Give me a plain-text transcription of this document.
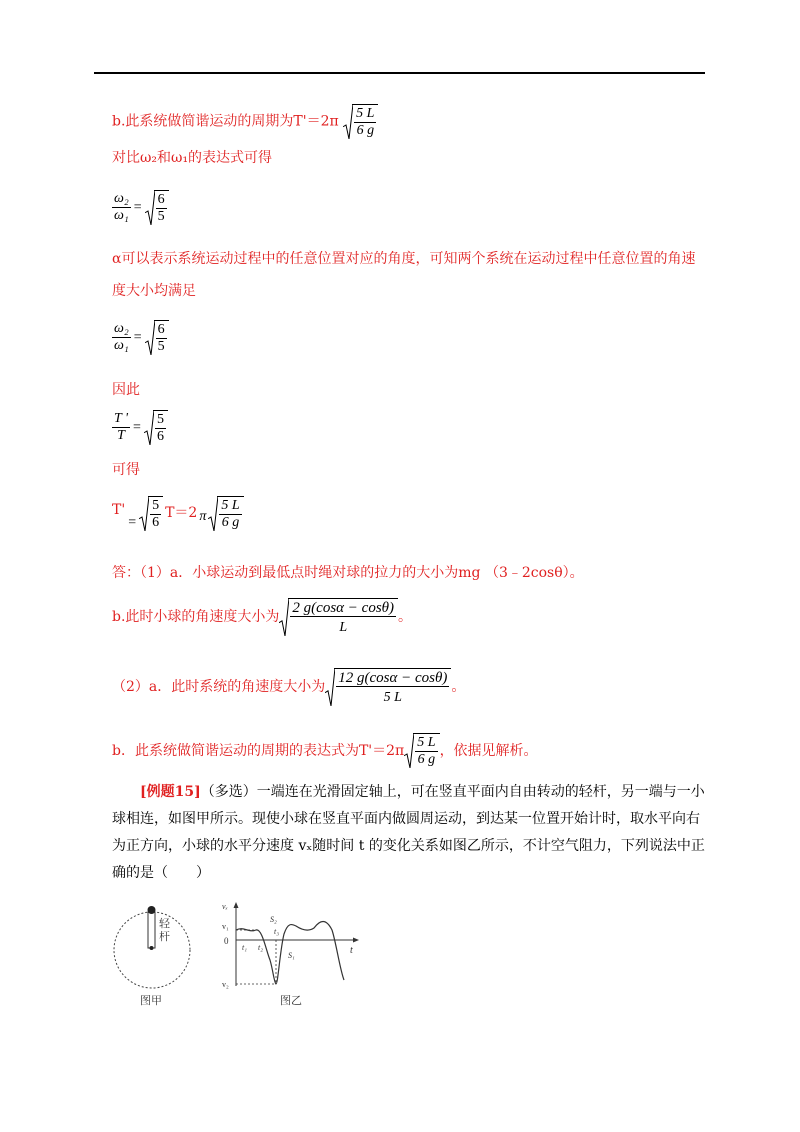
b.此系统做简谐运动的周期为$T'=2\pi \frac{5 L}{6 g}$
对比ω₂和ω₁的表达式可得
$\frac{\text{ω₂}}{\text{ω₁}} = \frac{6}{5}$
α可以表示系统运动过程中的任意位置对应的角度，可知两个系统在运动过程中任意位置的角速
度大小均满足
$\frac{\text{ω₂}}{\text{ω₁}} = \frac{6}{5}$
因此
$\frac{T '}{T} = \frac{5}{6}$
可得
T'
= $\frac{5}{6} T=2$ π $\frac{5 L}{6 g}$
答：（1）a．小球运动到最低点时绳对球的拉力的大小为mg （3﹣2cosθ）。
b.此时小球的角速度大小为 $\frac{2 g(\cos\alpha - \cos\theta)}{L}$ 。
（2）a．此时系统的角速度大小为 $\frac{12 g(\cos\alpha - \cos\theta)}{5 L}$ 。
b．此系统做简谐运动的周期的表达式为$T'=2\pi \frac{5 L}{6 g}$ ，依据见解析。
[例题15]（多选）一端连在光滑固定轴上，可在竖直平面内自由转动的轻杆，另一端与一小球相连，如图甲所示。现使小球在竖直平面内做圆周运动，到达某一位置开始计时，取水平向右为正方向，小球的水平分速度 vₓ随时间 t 的变化关系如图乙所示，不计空气阻力，下列说法中正确的是（　　）
轻
杆
图甲
vₓ
t
v₁
0
v₂
t₁ t₂
t₃
S₁
S₂
图乙
